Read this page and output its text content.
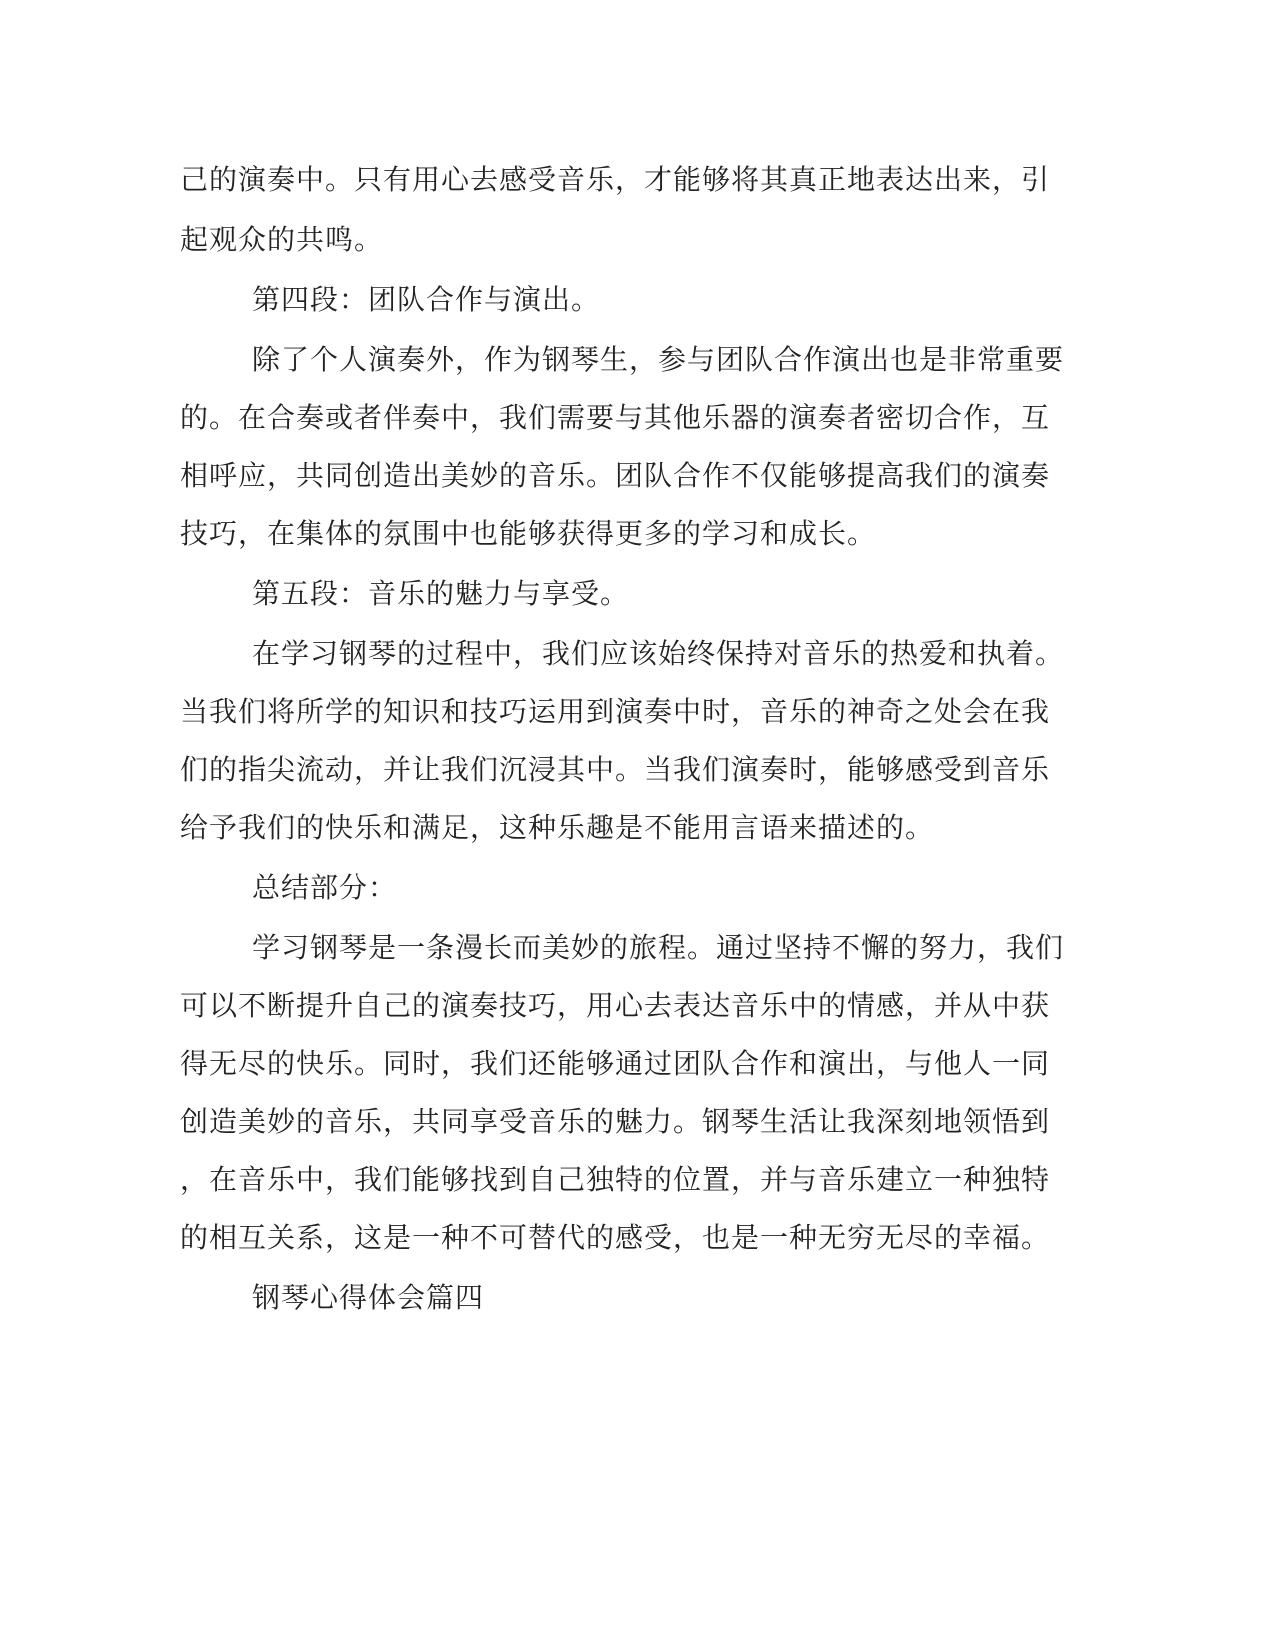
己的演奏中。只有用心去感受音乐，才能够将其真正地表达出来，引
起观众的共鸣。
第四段：团队合作与演出。
除了个人演奏外，作为钢琴生，参与团队合作演出也是非常重要
的。在合奏或者伴奏中，我们需要与其他乐器的演奏者密切合作，互
相呼应，共同创造出美妙的音乐。团队合作不仅能够提高我们的演奏
技巧，在集体的氛围中也能够获得更多的学习和成长。
第五段：音乐的魅力与享受。
在学习钢琴的过程中，我们应该始终保持对音乐的热爱和执着。
当我们将所学的知识和技巧运用到演奏中时，音乐的神奇之处会在我
们的指尖流动，并让我们沉浸其中。当我们演奏时，能够感受到音乐
给予我们的快乐和满足，这种乐趣是不能用言语来描述的。
总结部分：
学习钢琴是一条漫长而美妙的旅程。通过坚持不懈的努力，我们
可以不断提升自己的演奏技巧，用心去表达音乐中的情感，并从中获
得无尽的快乐。同时，我们还能够通过团队合作和演出，与他人一同
创造美妙的音乐，共同享受音乐的魅力。钢琴生活让我深刻地领悟到
，在音乐中，我们能够找到自己独特的位置，并与音乐建立一种独特
的相互关系，这是一种不可替代的感受，也是一种无穷无尽的幸福。
钢琴心得体会篇四
